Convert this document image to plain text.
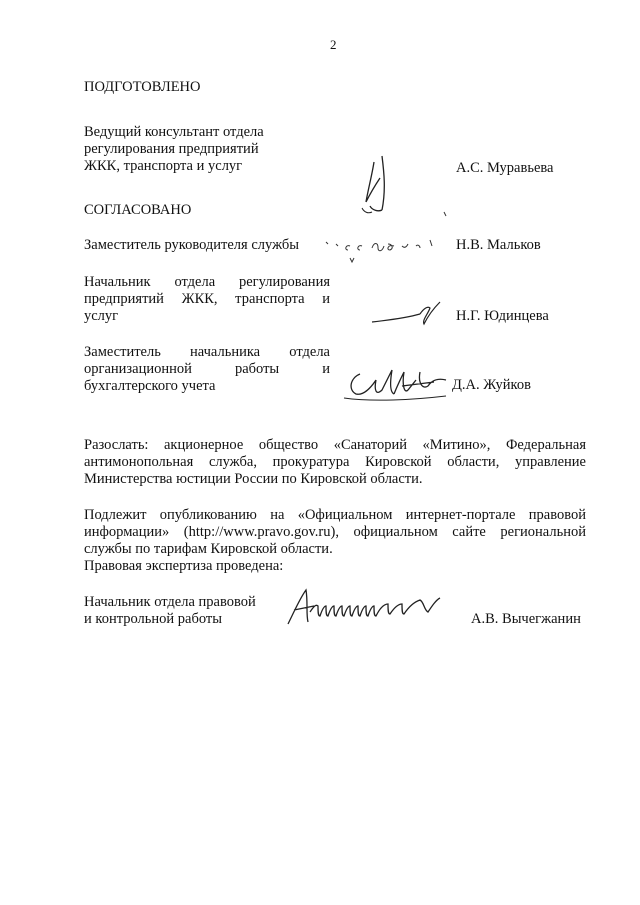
2
ПОДГОТОВЛЕНО
Ведущий консультант отдела
регулирования предприятий
ЖКК, транспорта и услуг	А.С. Муравьева
СОГЛАСОВАНО
Заместитель руководителя службы	Н.В. Мальков
Начальник отдела регулирования
предприятий ЖКК, транспорта и
услуг	Н.Г. Юдинцева
Заместитель начальника отдела
организационной работы и
бухгалтерского учета	Д.А. Жуйков
Разослать: акционерное общество «Санаторий «Митино», Федеральная антимонопольная служба, прокуратура Кировской области, управление Министерства юстиции России по Кировской области.
Подлежит опубликованию на «Официальном интернет-портале правовой информации» (http://www.pravo.gov.ru), официальном сайте региональной службы по тарифам Кировской области.
Правовая экспертиза проведена:
Начальник отдела правовой
и контрольной работы	А.В. Вычегжанин
